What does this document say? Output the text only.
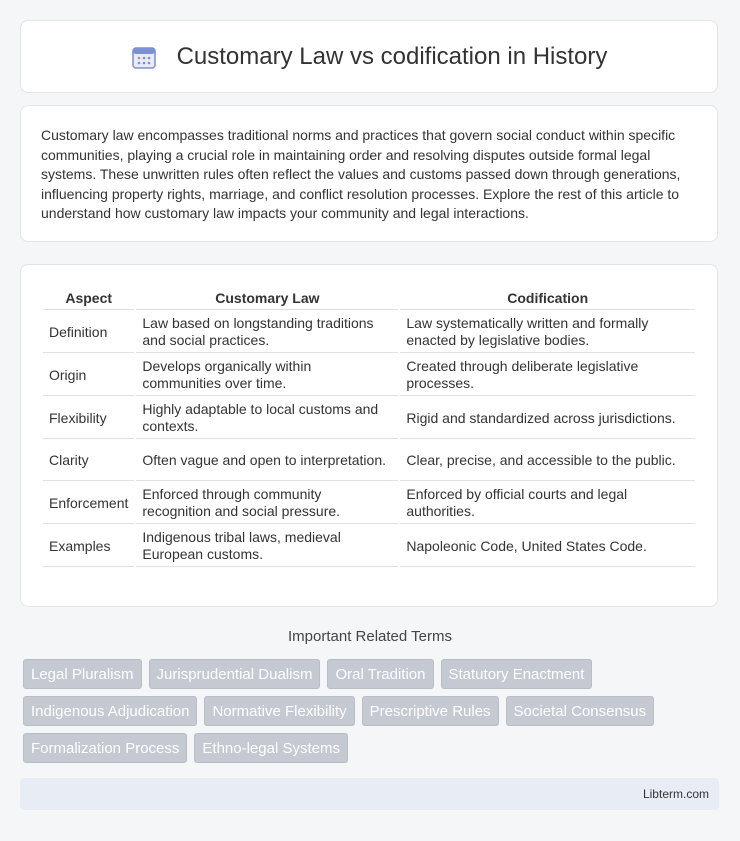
Customary Law vs codification in History

Customary law encompasses traditional norms and practices that govern social conduct within specific communities, playing a crucial role in maintaining order and resolving disputes outside formal legal systems. These unwritten rules often reflect the values and customs passed down through generations, influencing property rights, marriage, and conflict resolution processes. Explore the rest of this article to understand how customary law impacts your community and legal interactions.

Aspect	Customary Law	Codification
Definition	Law based on longstanding traditions and social practices.	Law systematically written and formally enacted by legislative bodies.
Origin	Develops organically within communities over time.	Created through deliberate legislative processes.
Flexibility	Highly adaptable to local customs and contexts.	Rigid and standardized across jurisdictions.
Clarity	Often vague and open to interpretation.	Clear, precise, and accessible to the public.
Enforcement	Enforced through community recognition and social pressure.	Enforced by official courts and legal authorities.
Examples	Indigenous tribal laws, medieval European customs.	Napoleonic Code, United States Code.
Important Related Terms
Legal Pluralism	Jurisprudential Dualism	Oral Tradition	Statutory Enactment
Indigenous Adjudication	Normative Flexibility	Prescriptive Rules	Societal Consensus
Formalization Process	Ethno-legal Systems
Libterm.com
